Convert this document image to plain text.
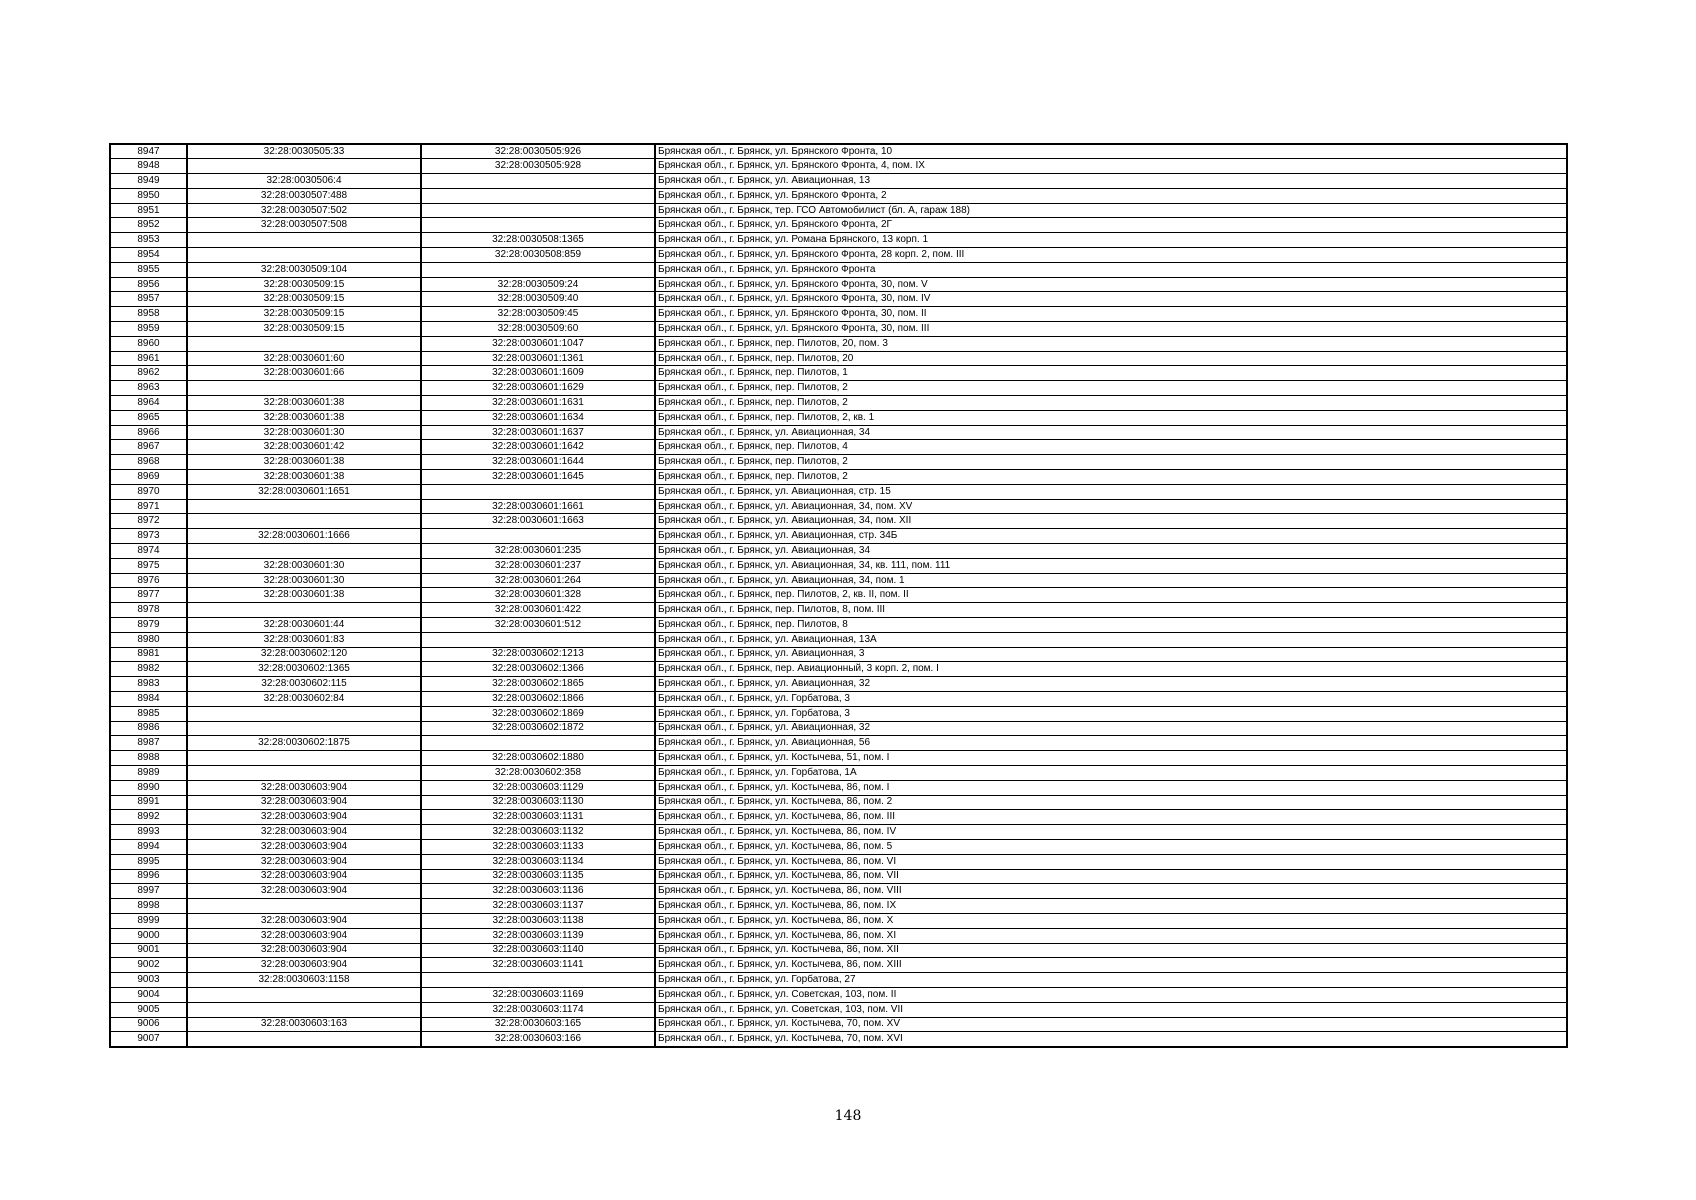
8947	32:28:0030505:33	32:28:0030505:926	Брянская обл., г. Брянск, ул. Брянского Фронта, 10
8948		32:28:0030505:928	Брянская обл., г. Брянск, ул. Брянского Фронта, 4, пом. IX
8949	32:28:0030506:4		Брянская обл., г. Брянск, ул. Авиационная, 13
8950	32:28:0030507:488		Брянская обл., г. Брянск, ул. Брянского Фронта, 2
8951	32:28:0030507:502		Брянская обл., г. Брянск, тер. ГСО Автомобилист (бл. А, гараж 188)
8952	32:28:0030507:508		Брянская обл., г. Брянск, ул. Брянского Фронта, 2Г
8953		32:28:0030508:1365	Брянская обл., г. Брянск, ул. Романа Брянского, 13 корп. 1
8954		32:28:0030508:859	Брянская обл., г. Брянск, ул. Брянского Фронта, 28 корп. 2, пом. III
8955	32:28:0030509:104		Брянская обл., г. Брянск, ул. Брянского Фронта
8956	32:28:0030509:15	32:28:0030509:24	Брянская обл., г. Брянск, ул. Брянского Фронта, 30, пом. V
8957	32:28:0030509:15	32:28:0030509:40	Брянская обл., г. Брянск, ул. Брянского Фронта, 30, пом. IV
8958	32:28:0030509:15	32:28:0030509:45	Брянская обл., г. Брянск, ул. Брянского Фронта, 30, пом. II
8959	32:28:0030509:15	32:28:0030509:60	Брянская обл., г. Брянск, ул. Брянского Фронта, 30, пом. III
8960		32:28:0030601:1047	Брянская обл., г. Брянск, пер. Пилотов, 20, пом. 3
8961	32:28:0030601:60	32:28:0030601:1361	Брянская обл., г. Брянск, пер. Пилотов, 20
8962	32:28:0030601:66	32:28:0030601:1609	Брянская обл., г. Брянск, пер. Пилотов, 1
8963		32:28:0030601:1629	Брянская обл., г. Брянск, пер. Пилотов, 2
8964	32:28:0030601:38	32:28:0030601:1631	Брянская обл., г. Брянск, пер. Пилотов, 2
8965	32:28:0030601:38	32:28:0030601:1634	Брянская обл., г. Брянск, пер. Пилотов, 2, кв. 1
8966	32:28:0030601:30	32:28:0030601:1637	Брянская обл., г. Брянск, ул. Авиационная, 34
8967	32:28:0030601:42	32:28:0030601:1642	Брянская обл., г. Брянск, пер. Пилотов, 4
8968	32:28:0030601:38	32:28:0030601:1644	Брянская обл., г. Брянск, пер. Пилотов, 2
8969	32:28:0030601:38	32:28:0030601:1645	Брянская обл., г. Брянск, пер. Пилотов, 2
8970	32:28:0030601:1651		Брянская обл., г. Брянск, ул. Авиационная, стр. 15
8971		32:28:0030601:1661	Брянская обл., г. Брянск, ул. Авиационная, 34, пом. XV
8972		32:28:0030601:1663	Брянская обл., г. Брянск, ул. Авиационная, 34, пом. XII
8973	32:28:0030601:1666		Брянская обл., г. Брянск, ул. Авиационная, стр. 34Б
8974		32:28:0030601:235	Брянская обл., г. Брянск, ул. Авиационная, 34
8975	32:28:0030601:30	32:28:0030601:237	Брянская обл., г. Брянск, ул. Авиационная, 34, кв. 111, пом. 111
8976	32:28:0030601:30	32:28:0030601:264	Брянская обл., г. Брянск, ул. Авиационная, 34, пом. 1
8977	32:28:0030601:38	32:28:0030601:328	Брянская обл., г. Брянск, пер. Пилотов, 2, кв. II, пом. II
8978		32:28:0030601:422	Брянская обл., г. Брянск, пер. Пилотов, 8, пом. III
8979	32:28:0030601:44	32:28:0030601:512	Брянская обл., г. Брянск, пер. Пилотов, 8
8980	32:28:0030601:83		Брянская обл., г. Брянск, ул. Авиационная, 13А
8981	32:28:0030602:120	32:28:0030602:1213	Брянская обл., г. Брянск, ул. Авиационная, 3
8982	32:28:0030602:1365	32:28:0030602:1366	Брянская обл., г. Брянск, пер. Авиационный, 3 корп. 2, пом. I
8983	32:28:0030602:115	32:28:0030602:1865	Брянская обл., г. Брянск, ул. Авиационная, 32
8984	32:28:0030602:84	32:28:0030602:1866	Брянская обл., г. Брянск, ул. Горбатова, 3
8985		32:28:0030602:1869	Брянская обл., г. Брянск, ул. Горбатова, 3
8986		32:28:0030602:1872	Брянская обл., г. Брянск, ул. Авиационная, 32
8987	32:28:0030602:1875		Брянская обл., г. Брянск, ул. Авиационная, 56
8988		32:28:0030602:1880	Брянская обл., г. Брянск, ул. Костычева, 51, пом. I
8989		32:28:0030602:358	Брянская обл., г. Брянск, ул. Горбатова, 1А
8990	32:28:0030603:904	32:28:0030603:1129	Брянская обл., г. Брянск, ул. Костычева, 86, пом. I
8991	32:28:0030603:904	32:28:0030603:1130	Брянская обл., г. Брянск, ул. Костычева, 86, пом. 2
8992	32:28:0030603:904	32:28:0030603:1131	Брянская обл., г. Брянск, ул. Костычева, 86, пом. III
8993	32:28:0030603:904	32:28:0030603:1132	Брянская обл., г. Брянск, ул. Костычева, 86, пом. IV
8994	32:28:0030603:904	32:28:0030603:1133	Брянская обл., г. Брянск, ул. Костычева, 86, пом. 5
8995	32:28:0030603:904	32:28:0030603:1134	Брянская обл., г. Брянск, ул. Костычева, 86, пом. VI
8996	32:28:0030603:904	32:28:0030603:1135	Брянская обл., г. Брянск, ул. Костычева, 86, пом. VII
8997	32:28:0030603:904	32:28:0030603:1136	Брянская обл., г. Брянск, ул. Костычева, 86, пом. VIII
8998		32:28:0030603:1137	Брянская обл., г. Брянск, ул. Костычева, 86, пом. IX
8999	32:28:0030603:904	32:28:0030603:1138	Брянская обл., г. Брянск, ул. Костычева, 86, пом. X
9000	32:28:0030603:904	32:28:0030603:1139	Брянская обл., г. Брянск, ул. Костычева, 86, пом. XI
9001	32:28:0030603:904	32:28:0030603:1140	Брянская обл., г. Брянск, ул. Костычева, 86, пом. XII
9002	32:28:0030603:904	32:28:0030603:1141	Брянская обл., г. Брянск, ул. Костычева, 86, пом. XIII
9003	32:28:0030603:1158		Брянская обл., г. Брянск, ул. Горбатова, 27
9004		32:28:0030603:1169	Брянская обл., г. Брянск, ул. Советская, 103, пом. II
9005		32:28:0030603:1174	Брянская обл., г. Брянск, ул. Советская, 103, пом. VII
9006	32:28:0030603:163	32:28:0030603:165	Брянская обл., г. Брянск, ул. Костычева, 70, пом. XV
9007		32:28:0030603:166	Брянская обл., г. Брянск, ул. Костычева, 70, пом. XVI
148
